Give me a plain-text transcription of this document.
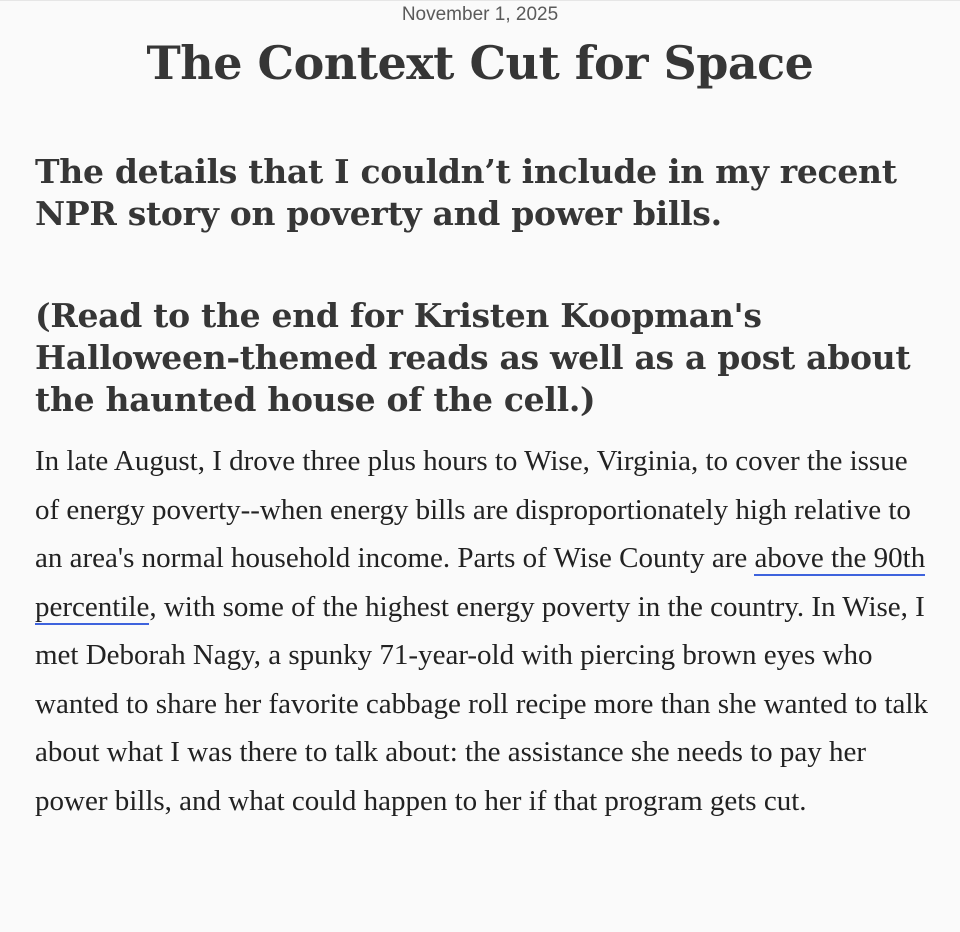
November 1, 2025
The Context Cut for Space
The details that I couldn’t include in my recent NPR story on poverty and power bills.
(Read to the end for Kristen Koopman's Halloween-themed reads as well as a post about the haunted house of the cell.)

In late August, I drove three plus hours to Wise, Virginia, to cover the issue of energy poverty--when energy bills are disproportionately high relative to an area's normal household income. Parts of Wise County are above the 90th percentile, with some of the highest energy poverty in the country. In Wise, I met Deborah Nagy, a spunky 71-year-old with piercing brown eyes who wanted to share her favorite cabbage roll recipe more than she wanted to talk about what I was there to talk about: the assistance she needs to pay her power bills, and what could happen to her if that program gets cut.
